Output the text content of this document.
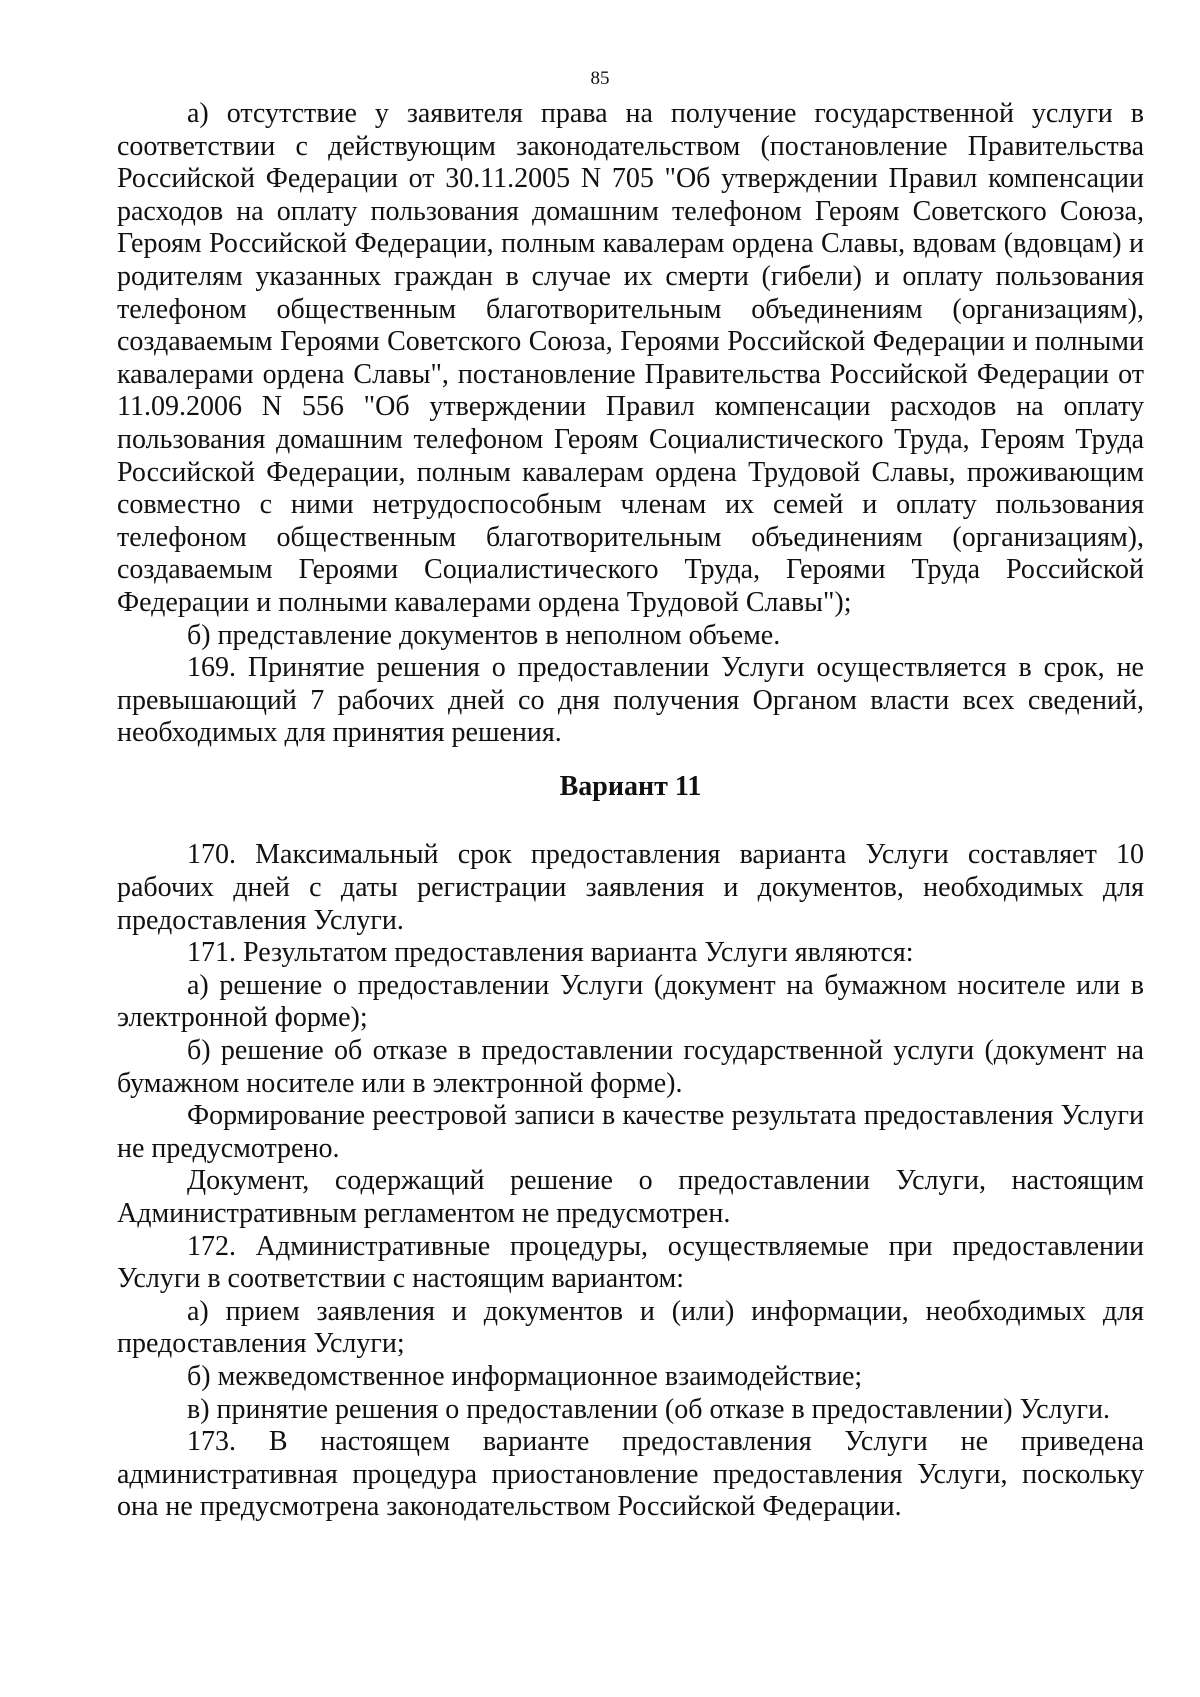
85

а) отсутствие у заявителя права на получение государственной услуги в соответствии с действующим законодательством (постановление Правительства Российской Федерации от 30.11.2005 N 705 "Об утверждении Правил компенсации расходов на оплату пользования домашним телефоном Героям Советского Союза, Героям Российской Федерации, полным кавалерам ордена Славы, вдовам (вдовцам) и родителям указанных граждан в случае их смерти (гибели) и оплату пользования телефоном общественным благотворительным объединениям (организациям), создаваемым Героями Советского Союза, Героями Российской Федерации и полными кавалерами ордена Славы", постановление Правительства Российской Федерации от 11.09.2006 N 556 "Об утверждении Правил компенсации расходов на оплату пользования домашним телефоном Героям Социалистического Труда, Героям Труда Российской Федерации, полным кавалерам ордена Трудовой Славы, проживающим совместно с ними нетрудоспособным членам их семей и оплату пользования телефоном общественным благотворительным объединениям (организациям), создаваемым Героями Социалистического Труда, Героями Труда Российской Федерации и полными кавалерами ордена Трудовой Славы");

б) представление документов в неполном объеме.

169. Принятие решения о предоставлении Услуги осуществляется в срок, не превышающий 7 рабочих дней со дня получения Органом власти всех сведений, необходимых для принятия решения.

Вариант 11

170. Максимальный срок предоставления варианта Услуги составляет 10 рабочих дней с даты регистрации заявления и документов, необходимых для предоставления Услуги.

171. Результатом предоставления варианта Услуги являются:

а) решение о предоставлении Услуги (документ на бумажном носителе или в электронной форме);

б) решение об отказе в предоставлении государственной услуги (документ на бумажном носителе или в электронной форме).

Формирование реестровой записи в качестве результата предоставления Услуги не предусмотрено.

Документ, содержащий решение о предоставлении Услуги, настоящим Административным регламентом не предусмотрен.

172. Административные процедуры, осуществляемые при предоставлении Услуги в соответствии с настоящим вариантом:

а) прием заявления и документов и (или) информации, необходимых для предоставления Услуги;

б) межведомственное информационное взаимодействие;

в) принятие решения о предоставлении (об отказе в предоставлении) Услуги.

173. В настоящем варианте предоставления Услуги не приведена административная процедура приостановление предоставления Услуги, поскольку она не предусмотрена законодательством Российской Федерации.
